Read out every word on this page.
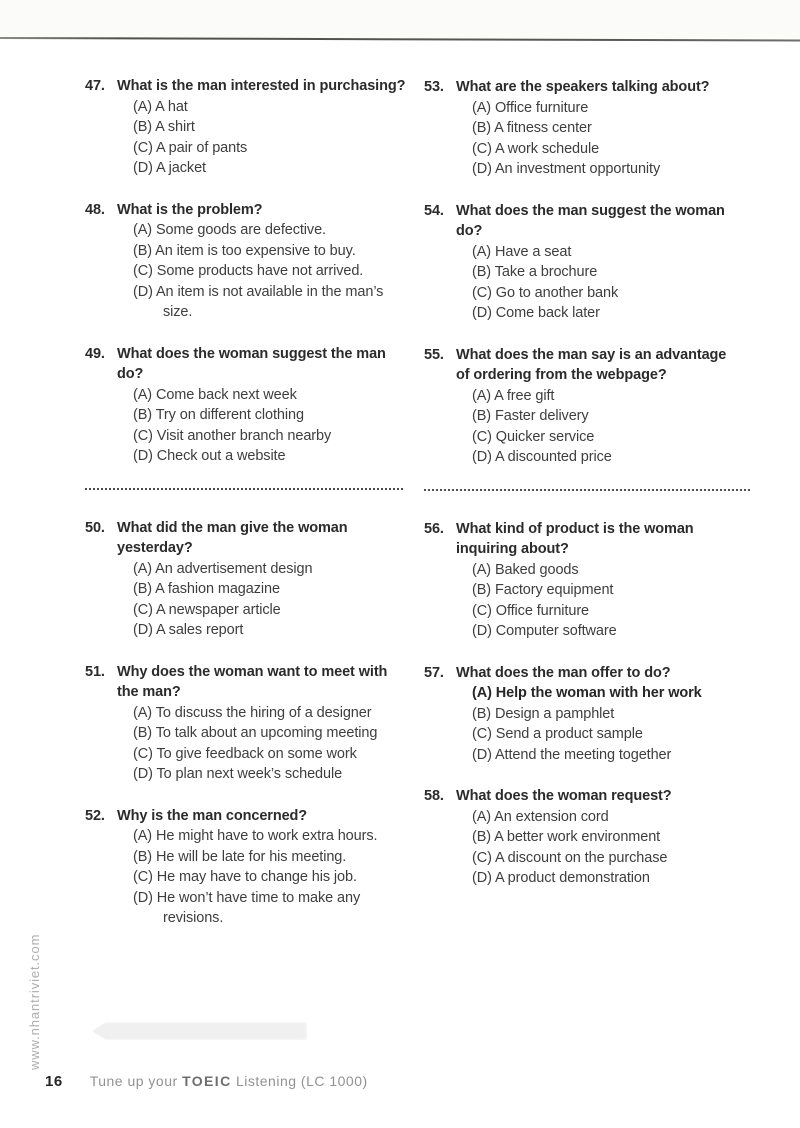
47. What is the man interested in purchasing?
(A) A hat
(B) A shirt
(C) A pair of pants
(D) A jacket
48. What is the problem?
(A) Some goods are defective.
(B) An item is too expensive to buy.
(C) Some products have not arrived.
(D) An item is not available in the man’s
size.
49. What does the woman suggest the man
do?
(A) Come back next week
(B) Try on different clothing
(C) Visit another branch nearby
(D) Check out a website
50. What did the man give the woman
yesterday?
(A) An advertisement design
(B) A fashion magazine
(C) A newspaper article
(D) A sales report
51. Why does the woman want to meet with
the man?
(A) To discuss the hiring of a designer
(B) To talk about an upcoming meeting
(C) To give feedback on some work
(D) To plan next week’s schedule
52. Why is the man concerned?
(A) He might have to work extra hours.
(B) He will be late for his meeting.
(C) He may have to change his job.
(D) He won’t have time to make any
revisions.
53. What are the speakers talking about?
(A) Office furniture
(B) A fitness center
(C) A work schedule
(D) An investment opportunity
54. What does the man suggest the woman
do?
(A) Have a seat
(B) Take a brochure
(C) Go to another bank
(D) Come back later
55. What does the man say is an advantage
of ordering from the webpage?
(A) A free gift
(B) Faster delivery
(C) Quicker service
(D) A discounted price
56. What kind of product is the woman
inquiring about?
(A) Baked goods
(B) Factory equipment
(C) Office furniture
(D) Computer software
57. What does the man offer to do?
(A) Help the woman with her work
(B) Design a pamphlet
(C) Send a product sample
(D) Attend the meeting together
58. What does the woman request?
(A) An extension cord
(B) A better work environment
(C) A discount on the purchase
(D) A product demonstration
www.nhantriviet.com
16 Tune up your TOEIC Listening (LC 1000)
